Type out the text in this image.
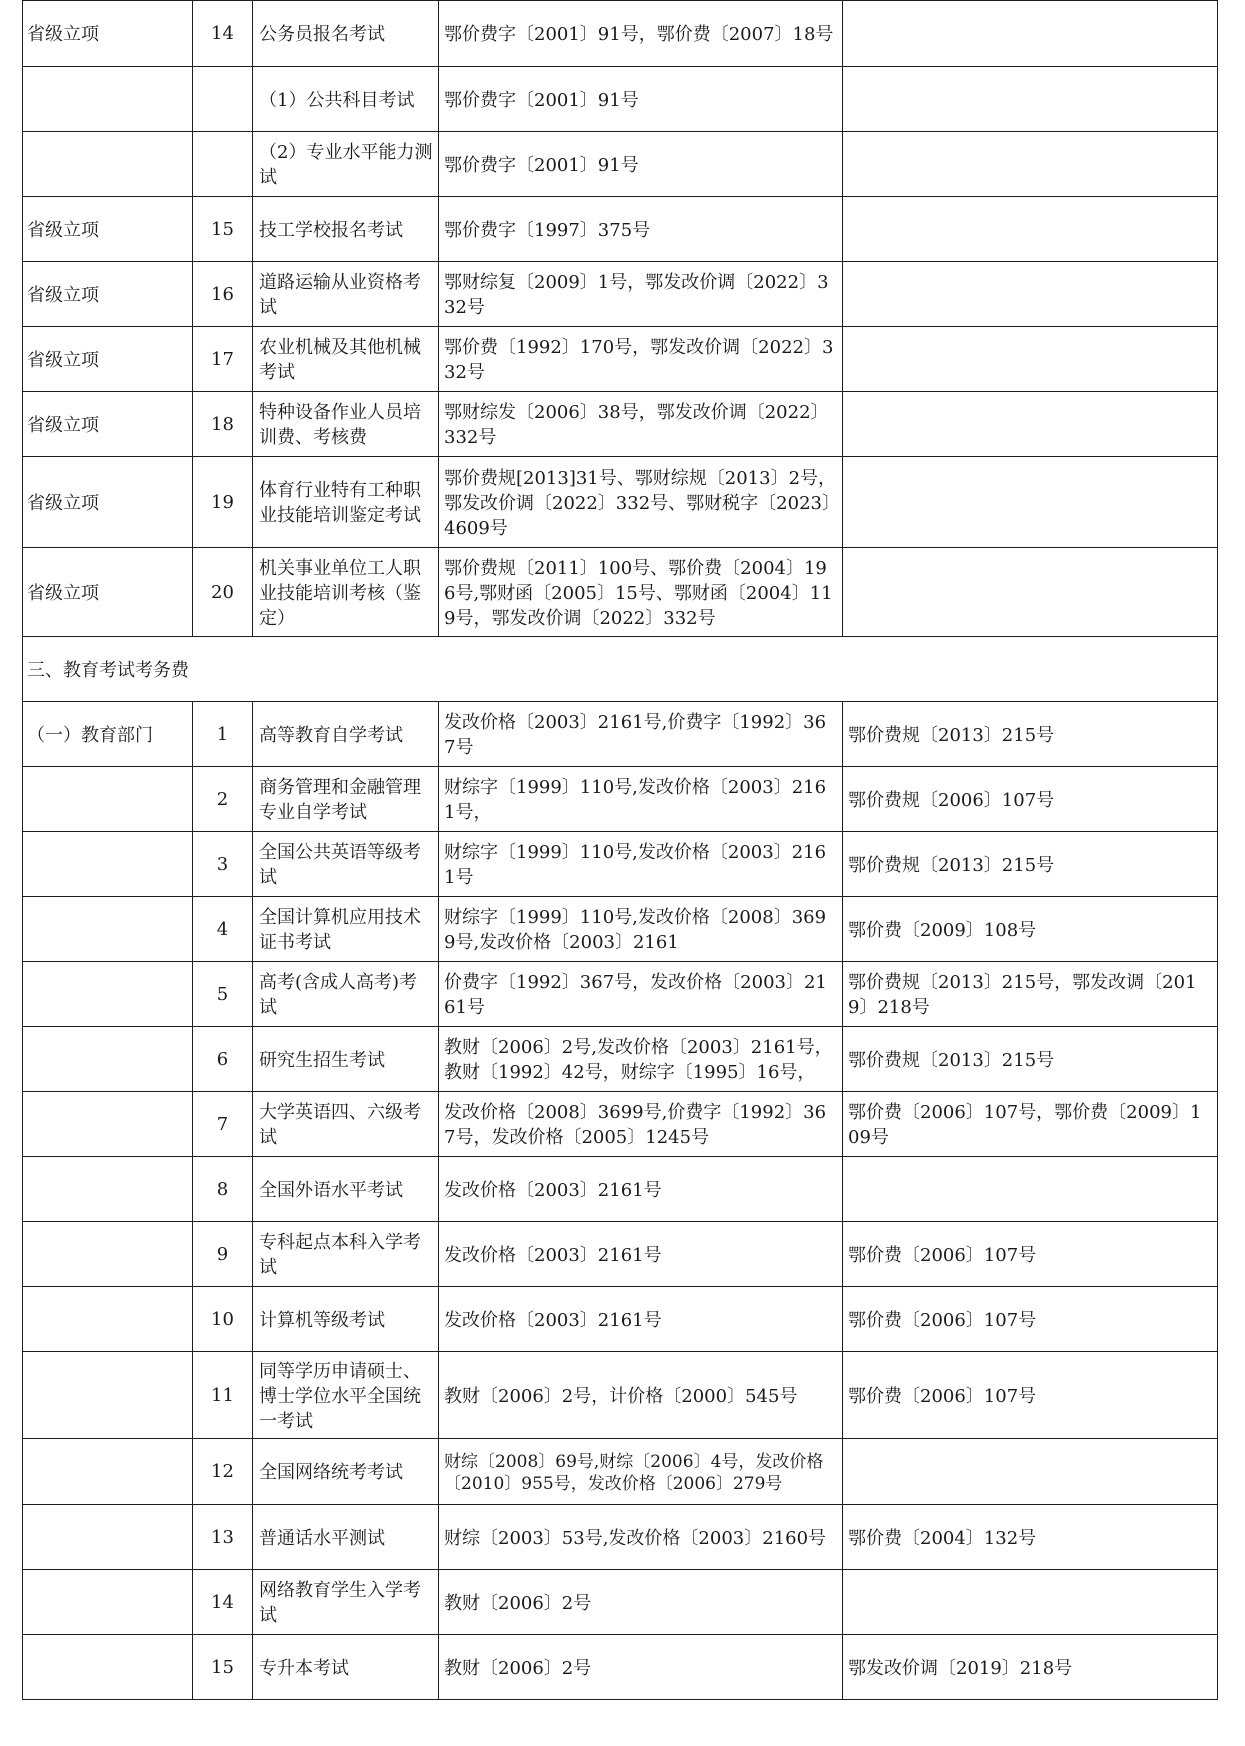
省级立项	14	公务员报名考试	鄂价费字〔2001〕91号，鄂价费〔2007〕18号	
		（1）公共科目考试	鄂价费字〔2001〕91号	
		（2）专业水平能力测试	鄂价费字〔2001〕91号	
省级立项	15	技工学校报名考试	鄂价费字〔1997〕375号	
省级立项	16	道路运输从业资格考试	鄂财综复〔2009〕1号，鄂发改价调〔2022〕332号	
省级立项	17	农业机械及其他机械考试	鄂价费〔1992〕170号，鄂发改价调〔2022〕332号	
省级立项	18	特种设备作业人员培训费、考核费	鄂财综发〔2006〕38号，鄂发改价调〔2022〕332号	
省级立项	19	体育行业特有工种职业技能培训鉴定考试	鄂价费规[2013]31号、鄂财综规〔2013〕2号，鄂发改价调〔2022〕332号、鄂财税字〔2023〕4609号	
省级立项	20	机关事业单位工人职业技能培训考核（鉴定）	鄂价费规〔2011〕100号、鄂价费〔2004〕196号,鄂财函〔2005〕15号、鄂财函〔2004〕119号，鄂发改价调〔2022〕332号	
三、教育考试考务费				
（一）教育部门	1	高等教育自学考试	发改价格〔2003〕2161号,价费字〔1992〕367号	鄂价费规〔2013〕215号
	2	商务管理和金融管理专业自学考试	财综字〔1999〕110号,发改价格〔2003〕2161号，	鄂价费规〔2006〕107号
	3	全国公共英语等级考试	财综字〔1999〕110号,发改价格〔2003〕2161号	鄂价费规〔2013〕215号
	4	全国计算机应用技术证书考试	财综字〔1999〕110号,发改价格〔2008〕3699号,发改价格〔2003〕2161	鄂价费〔2009〕108号
	5	高考(含成人高考)考试	价费字〔1992〕367号，发改价格〔2003〕2161号	鄂价费规〔2013〕215号，鄂发改调〔2019〕218号
	6	研究生招生考试	教财〔2006〕2号,发改价格〔2003〕2161号，教财〔1992〕42号，财综字〔1995〕16号，	鄂价费规〔2013〕215号
	7	大学英语四、六级考试	发改价格〔2008〕3699号,价费字〔1992〕367号，发改价格〔2005〕1245号	鄂价费〔2006〕107号，鄂价费〔2009〕109号
	8	全国外语水平考试	发改价格〔2003〕2161号	
	9	专科起点本科入学考试	发改价格〔2003〕2161号	鄂价费〔2006〕107号
	10	计算机等级考试	发改价格〔2003〕2161号	鄂价费〔2006〕107号
	11	同等学历申请硕士、博士学位水平全国统一考试	教财〔2006〕2号，计价格〔2000〕545号	鄂价费〔2006〕107号
	12	全国网络统考考试	财综〔2008〕69号,财综〔2006〕4号，发改价格〔2010〕955号，发改价格〔2006〕279号	
	13	普通话水平测试	财综〔2003〕53号,发改价格〔2003〕2160号	鄂价费〔2004〕132号
	14	网络教育学生入学考试	教财〔2006〕2号	
	15	专升本考试	教财〔2006〕2号	鄂发改价调〔2019〕218号
